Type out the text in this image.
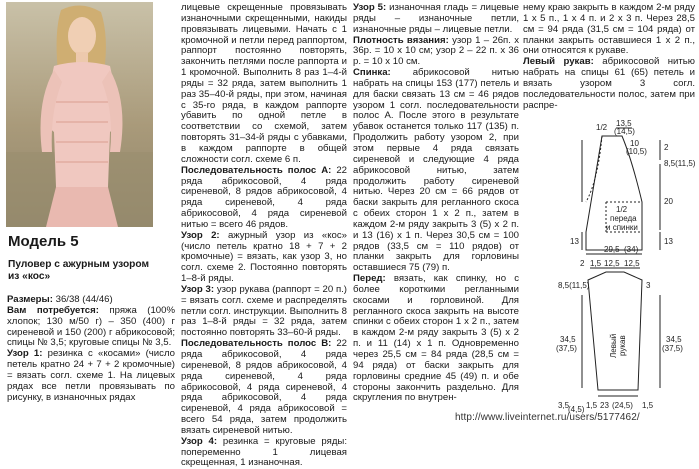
Модель 5
Пуловер с ажурным узором
из «кос»

Размеры: 36/38 (44/46)

Вам потребуется: пряжа (100% хлопок; 130 м/50 г) – 350 (400) г сиреневой и 150 (200) г абрикосовой; спицы № 3,5; круговые спицы № 3,5.

Узор 1: резинка с «косами» (число петель кратно 24 + 7 + 2 кромочные) = вязать согл. схеме 1. На лицевых рядах все петли провязывать по рисунку, в изнаночных рядах

лицевые скрещенные провязывать изнаночными скрещенными, накиды провязывать лицевыми. Начать с 1 кромочной и петли перед раппортом, раппорт постоянно повторять, закончить петлями после раппорта и 1 кромочной. Выполнить 8 раз 1–4-й ряды = 32 ряда, затем выполнить 1 раз 35–40-й ряды, при этом, начиная с 35-го ряда, в каждом раппорте убавить по одной петле в соответствии со схемой, затем повторять 31–34-й ряды с убавками, в каждом раппорте в общей сложности согл. схеме 6 п.

Последовательность полос А: 22 ряда абрикосовой, 4 ряда сиреневой, 8 рядов абрикосовой, 4 ряда сиреневой, 4 ряда абрикосовой, 4 ряда сиреневой нитью = всего 46 рядов.

Узор 2: ажурный узор из «кос» (число петель кратно 18 + 7 + 2 кромочные) = вязать, как узор 3, но согл. схеме 2. Постоянно повторять 1–8-й ряды.

Узор 3: узор рукава (раппорт = 20 п.) = вязать согл. схеме и распределять петли согл. инструкции. Выполнить 8 раз 1–8-й ряды = 32 ряда, затем постоянно повторять 33–60-й ряды.

Последовательность полос В: 22 ряда абрикосовой, 4 ряда сиреневой, 8 рядов абрикосовой, 4 ряда сиреневой, 4 ряда абрикосовой, 4 ряда сиреневой, 4 ряда абрикосовой, 4 ряда сиреневой, 4 ряда абрикосовой = всего 54 ряда, затем продолжить вязать сиреневой нитью.

Узор 4: резинка = круговые ряды: попеременно 1 лицевая скрещенная, 1 изнаночная.

Узор 5: изнаночная гладь = лицевые ряды – изнаночные петли, изнаночные ряды – лицевые петли.

Плотность вязания: узор 1 – 26п. x 36р. = 10 x 10 см; узор 2 – 22 п. x 36 р. = 10 x 10 см.

Спинка: абрикосовой нитью набрать на спицы 153 (177) петель и для баски связать 13 см = 46 рядов узором 1 согл. последовательности полос А. После этого в результате убавок останется только 117 (135) п. Продолжить работу узором 2, при этом первые 4 ряда связать сиреневой и следующие 4 ряда абрикосовой нитью, затем продолжить работу сиреневой нитью. Через 20 см = 66 рядов от баски закрыть для регланного скоса с обеих сторон 1 x 2 п., затем в каждом 2-м ряду закрыть 3 (5) x 2 п. и 13 (16) x 1 п. Через 30,5 см = 100 рядов (33,5 см = 110 рядов) от планки закрыть для горловины оставшиеся 75 (79) п.

Перед: вязать, как спинку, но с более короткими регланными скосами и горловиной. Для регланного скоса закрыть на высоте спинки с обеих сторон 1 x 2 п., затем в каждом 2-м ряду закрыть 3 (5) x 2 п. и 11 (14) x 1 п. Одновременно через 25,5 см = 84 ряда (28,5 см = 94 ряда) от баски закрыть для горловины средние 45 (49) п. и обе стороны закончить раздельно. Для скругления по внутрен-

нему краю закрыть в каждом 2-м ряду 1 x 5 п., 1 x 4 п. и 2 x 3 п. Через 28,5 см = 94 ряда (31,5 см = 104 ряда) от планки закрыть оставшиеся 1 x 2 п., они относятся к рукаве.

Левый рукав: абрикосовой нитью набрать на спицы 61 (65) петель и вязать узором 3 согл. последовательности полос, затем при распре-

1/2 13,5
(14,5)
10
(10,5)
8,5(11,5)
2
1/2
переда
и спинки
20
13
13
29,5 (34)
2 1,5 12,5 12,5
8,5(11,5)	3
34,5
(37,5)
34,5
(37,5)
Левый рукав
3,5
(4,5) 1,5 23 (24,5) 1,5
http://www.liveinternet.ru/users/5177462/
